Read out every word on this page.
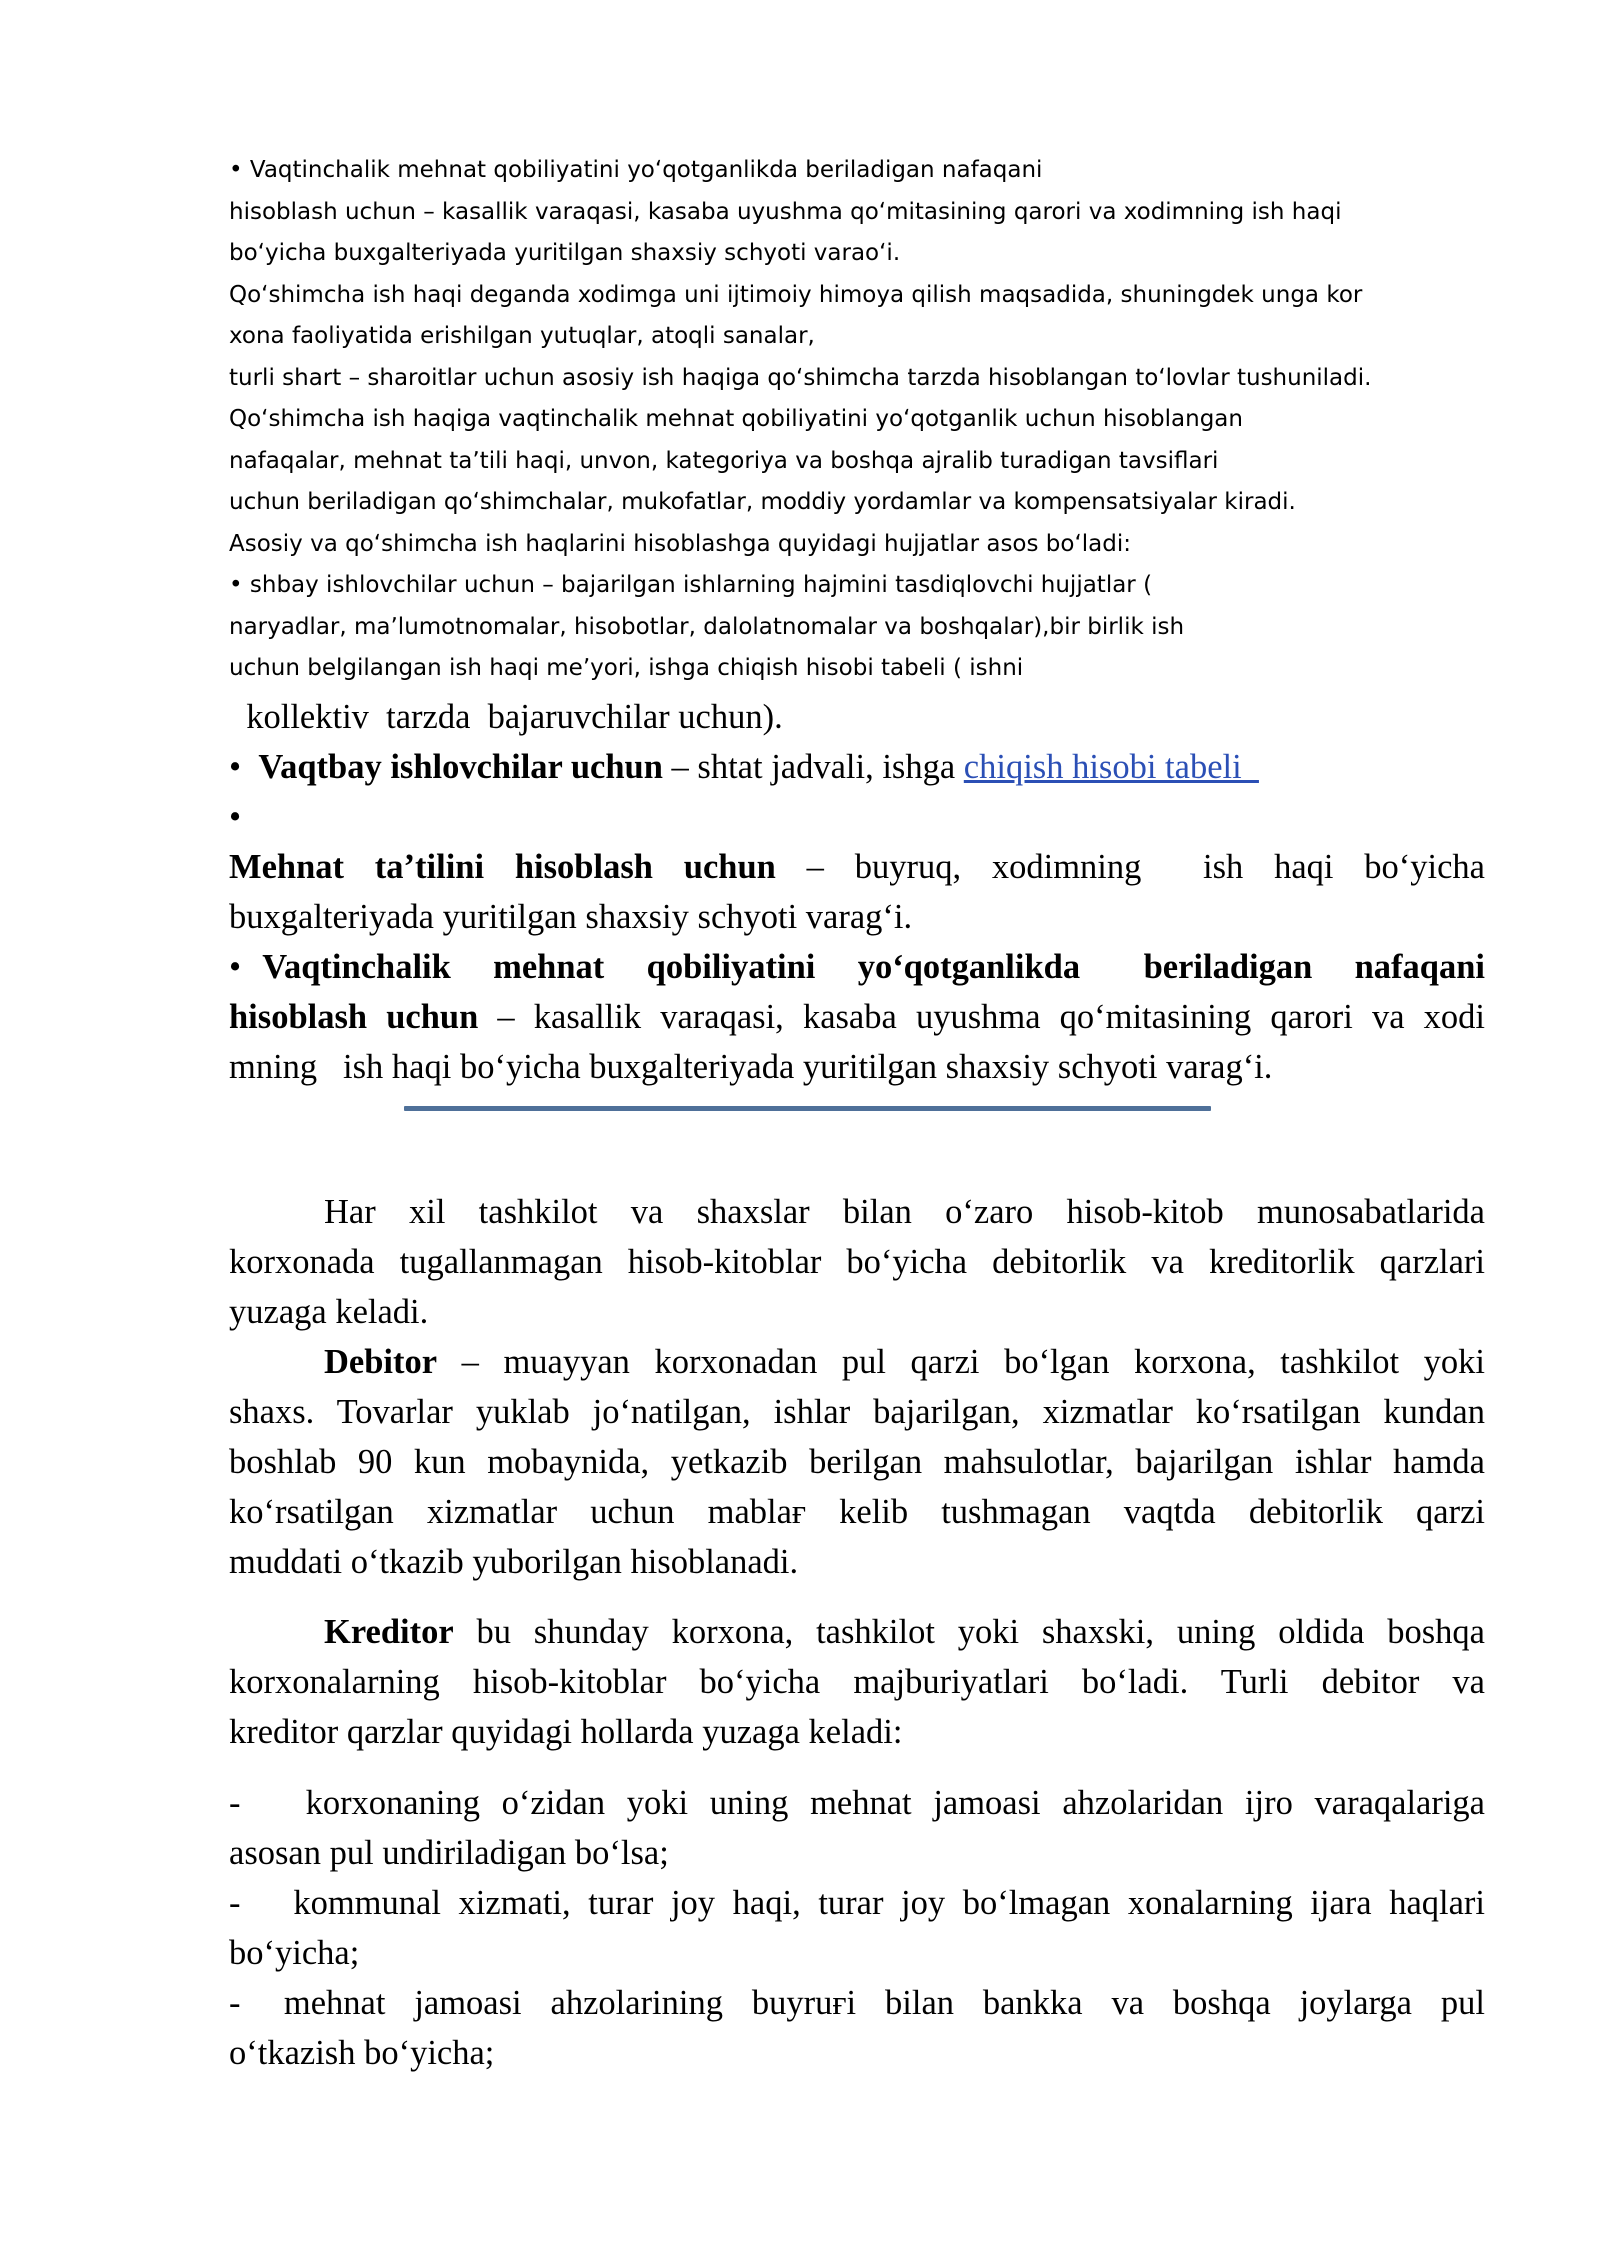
• Vaqtinchalik mehnat qobiliyatini yoʻqotganlikda beriladigan nafaqani
hisoblash uchun – kasallik varaqasi, kasaba uyushma qoʻmitasining qarori va xodimning ish haqi
boʻyicha buxgalteriyada yuritilgan shaxsiy schyoti varaoʻi.
Qoʻshimcha ish haqi deganda xodimga uni ijtimoiy himoya qilish maqsadida, shuningdek unga kor
xona faoliyatida erishilgan yutuqlar, atoqli sanalar,
turli shart – sharoitlar uchun asosiy ish haqiga qoʻshimcha tarzda hisoblangan toʻlovlar tushuniladi.
Qoʻshimcha ish haqiga vaqtinchalik mehnat qobiliyatini yoʻqotganlik uchun hisoblangan
nafaqalar, mehnat taʼtili haqi, unvon, kategoriya va boshqa ajralib turadigan tavsiflari
uchun beriladigan qoʻshimchalar, mukofatlar, moddiy yordamlar va kompensatsiyalar kiradi.
Asosiy va qoʻshimcha ish haqlarini hisoblashga quyidagi hujjatlar asos boʻladi:
• shbay ishlovchilar uchun – bajarilgan ishlarning hajmini tasdiqlovchi hujjatlar (
naryadlar, maʼlumotnomalar, hisobotlar, dalolatnomalar va boshqalar),bir birlik ish
uchun belgilangan ish haqi meʼyori, ishga chiqish hisobi tabeli ( ishni
kollektiv  tarzda  bajaruvchilar uchun).
•  Vaqtbay ishlovchilar uchun – shtat jadvali, ishga chiqish hisobi tabeli
•
Mehnat  taʼtilini  hisoblash  uchun  –  buyruq,  xodimning    ish  haqi  boʻyicha
buxgalteriyada yuritilgan shaxsiy schyoti varagʻi.
• Vaqtinchalik  mehnat  qobiliyatini  yoʻqotganlikda   beriladigan  nafaqani
hisoblash uchun – kasallik varaqasi, kasaba uyushma qoʻmitasining qarori va xodi
mning   ish haqi boʻyicha buxgalteriyada yuritilgan shaxsiy schyoti varagʻi.
Har xil tashkilot va shaxslar bilan oʻzaro hisob-kitob munosabatlarida
korxonada tugallanmagan hisob-kitoblar boʻyicha debitorlik va kreditorlik qarzlari
yuzaga keladi.
Debitor – muayyan korxonadan pul qarzi boʻlgan korxona, tashkilot yoki
shaxs. Tovarlar yuklab joʻnatilgan, ishlar bajarilgan, xizmatlar koʻrsatilgan kundan
boshlab 90 kun mobaynida, yetkazib berilgan mahsulotlar, bajarilgan ishlar hamda
koʻrsatilgan xizmatlar uchun mablaғ kelib tushmagan vaqtda debitorlik qarzi
muddati oʻtkazib yuborilgan hisoblanadi.
Kreditor bu shunday korxona, tashkilot yoki shaxski, uning oldida boshqa
korxonalarning hisob-kitoblar boʻyicha majburiyatlari boʻladi. Turli debitor va
kreditor qarzlar quyidagi hollarda yuzaga keladi:
-   korxonaning oʻzidan yoki uning mehnat jamoasi ahzolaridan ijro varaqalariga
asosan pul undiriladigan boʻlsa;
-   kommunal xizmati, turar joy haqi, turar joy boʻlmagan xonalarning ijara haqlari
boʻyicha;
-   mehnat  jamoasi  ahzolarining  buyruғi  bilan  bankka  va  boshqa  joylarga  pul
oʻtkazish boʻyicha;
